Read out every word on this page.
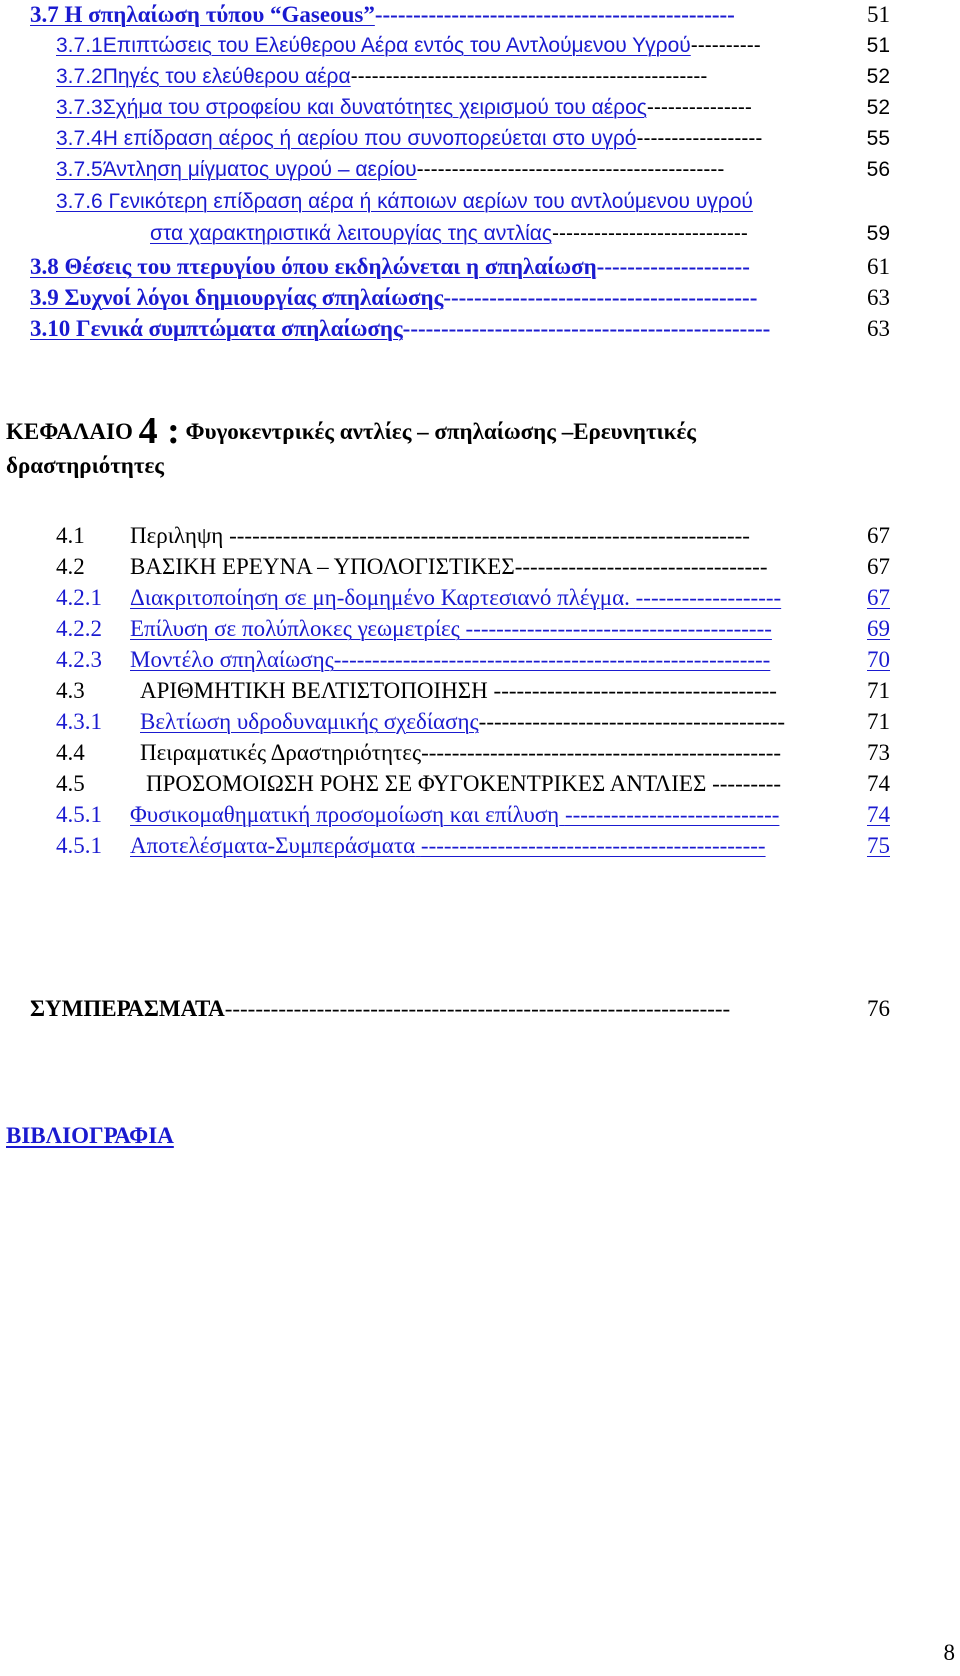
3.7 Η σπηλαίωση τύπου “Gaseous”-----------------------------------------------	51
3.7.1Επιπτώσεις του Ελεύθερου Αέρα εντός του Αντλούμενου Υγρού----------	51
3.7.2Πηγές του ελεύθερου αέρα---------------------------------------------------	52
3.7.3Σχήμα του στροφείου και δυνατότητες χειρισμού του αέρος---------------	52
3.7.4Η επίδραση αέρος ή αερίου που συνοπορεύεται στο υγρό------------------	55
3.7.5Άντληση μίγματος υγρού – αερίου--------------------------------------------	56
3.7.6 Γενικότερη επίδραση αέρα ή κάποιων αερίων του αντλούμενου υγρού
στα χαρακτηριστικά λειτουργίας της αντλίας----------------------------	59
3.8 Θέσεις του πτερυγίου όπου εκδηλώνεται η σπηλαίωση--------------------	61
3.9 Συχνοί λόγοι δημιουργίας σπηλαίωσης-----------------------------------------	63
3.10 Γενικά συμπτώματα σπηλαίωσης------------------------------------------------	63
ΚΕΦΑΛΑΙΟ 4 : Φυγοκεντρικές αντλίες – σπηλαίωσης –Ερευνητικές
δραστηριότητες
4.1 Περιληψη --------------------------------------------------------------------	67
4.2 ΒΑΣΙΚΗ ΕΡΕΥΝΑ – ΥΠΟΛΟΓΙΣΤΙΚΕΣ---------------------------------	67
4.2.1 Διακριτοποίηση σε μη-δομημένο Καρτεσιανό πλέγμα. -------------------	67
4.2.2 Επίλυση σε πολύπλοκες γεωμετρίες ----------------------------------------	69
4.2.3 Μοντέλο σπηλαίωσης---------------------------------------------------------	70
4.3 ΑΡΙΘΜΗΤΙΚΗ ΒΕΛΤΙΣΤΟΠΟΙΗΣΗ -------------------------------------	71
4.3.1 Βελτίωση υδροδυναμικής σχεδίασης----------------------------------------	71
4.4 Πειραματικές Δραστηριότητες-----------------------------------------------	73
4.5	ΠΡΟΣΟΜΟΙΩΣΗ ΡΟΗΣ ΣΕ ΦΥΓΟΚΕΝΤΡΙΚΕΣ ΑΝΤΛΙΕΣ ---------	74
4.5.1 Φυσικομαθηματική προσομοίωση και επίλυση ----------------------------	74
4.5.1 Αποτελέσματα-Συμπεράσματα ---------------------------------------------	75
ΣΥΜΠΕΡΑΣΜΑΤΑ------------------------------------------------------------------	76
ΒΙΒΛΙΟΓΡΑΦΙΑ
8
